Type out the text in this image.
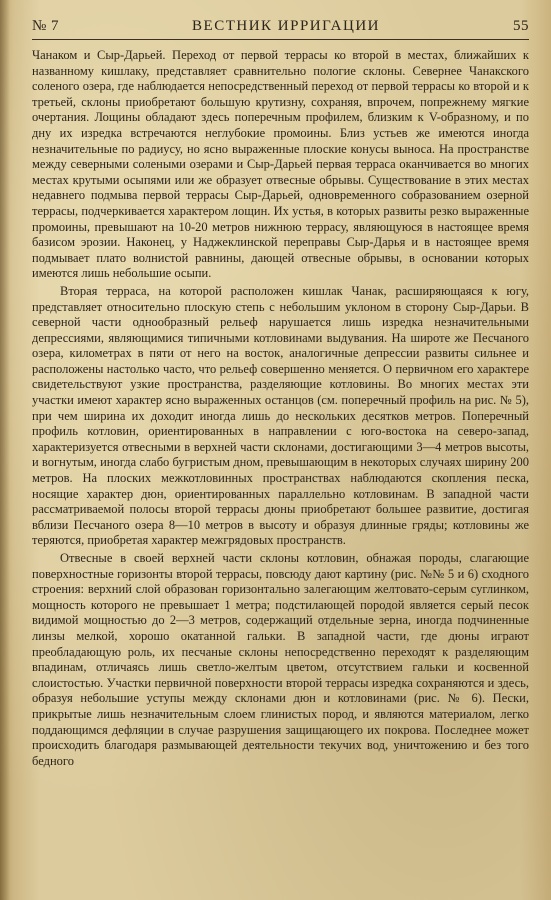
№ 7	ВЕСТНИК ИРРИГАЦИИ	55

Чанаком и Сыр-Дарьей. Переход от первой террасы ко второй в местах, ближайших к названному кишлаку, представляет сравнительно пологие склоны. Севернее Чанакского соленого озера, где наблюдается непосредственный переход от первой террасы ко второй и к третьей, склоны приобретают большую крутизну, сохраняя, впрочем, попрежнему мягкие очертания. Лощины обладают здесь поперечным профилем, близким к V-образному, и по дну их изредка встречаются неглубокие промоины. Близ устьев же имеются иногда незначительные по радиусу, но ясно выраженные плоские конусы выноса. На пространстве между северными солеными озерами и Сыр-Дарьей первая терраса оканчивается во многих местах крутыми осыпями или же образует отвесные обрывы. Существование в этих местах недавнего подмыва первой террасы Сыр-Дарьей, одновременного собразованием озерной террасы, подчеркивается характером лощин. Их устья, в которых развиты резко выраженные промоины, превышают на 10-20 метров нижнюю террасу, являющуюся в настоящее время базисом эрозии. Наконец, у Наджеклинской переправы Сыр-Дарья и в настоящее время подмывает плато волнистой равнины, дающей отвесные обрывы, в основании которых имеются лишь небольшие осыпи.

Вторая терраса, на которой расположен кишлак Чанак, расширяющаяся к югу, представляет относительно плоскую степь с небольшим уклоном в сторону Сыр-Дарьи. В северной части однообразный рельеф нарушается лишь изредка незначительными депрессиями, являющимися типичными котловинами выдувания. На широте же Песчаного озера, километрах в пяти от него на восток, аналогичные депрессии развиты сильнее и расположены настолько часто, что рельеф совершенно меняется. О первичном его характере свидетельствуют узкие пространства, разделяющие котловины. Во многих местах эти участки имеют характер ясно выраженных останцов (см. поперечный профиль на рис. № 5), при чем ширина их доходит иногда лишь до нескольких десятков метров. Поперечный профиль котловин, ориентированных в направлении с юго-востока на северо-запад, характеризуется отвесными в верхней части склонами, достигающими 3—4 метров высоты, и вогнутым, иногда слабо бугристым дном, превышающим в некоторых случаях ширину 200 метров. На плоских межкотловинных пространствах наблюдаются скопления песка, носящие характер дюн, ориентированных параллельно котловинам. В западной части рассматриваемой полосы второй террасы дюны приобретают большее развитие, достигая вблизи Песчаного озера 8—10 метров в высоту и образуя длинные гряды; котловины же теряются, приобретая характер межгрядовых пространств.

Отвесные в своей верхней части склоны котловин, обнажая породы, слагающие поверхностные горизонты второй террасы, повсюду дают картину (рис. №№ 5 и 6) сходного строения: верхний слой образован горизонтально залегающим желтовато-серым суглинком, мощность которого не превышает 1 метра; подстилающей породой является серый песок видимой мощностью до 2—3 метров, содержащий отдельные зерна, иногда подчиненные линзы мелкой, хорошо окатанной гальки. В западной части, где дюны играют преобладающую роль, их песчаные склоны непосредственно переходят к разделяющим впадинам, отличаясь лишь светло-желтым цветом, отсутствием гальки и косвенной слоистостью. Участки первичной поверхности второй террасы изредка сохраняются и здесь, образуя небольшие уступы между склонами дюн и котловинами (рис. № 6). Пески, прикрытые лишь незначительным слоем глинистых пород, и являются материалом, легко поддающимся дефляции в случае разрушения защищающего их покрова. Последнее может происходить благодаря размывающей деятельности текучих вод, уничтожению и без того бедного
